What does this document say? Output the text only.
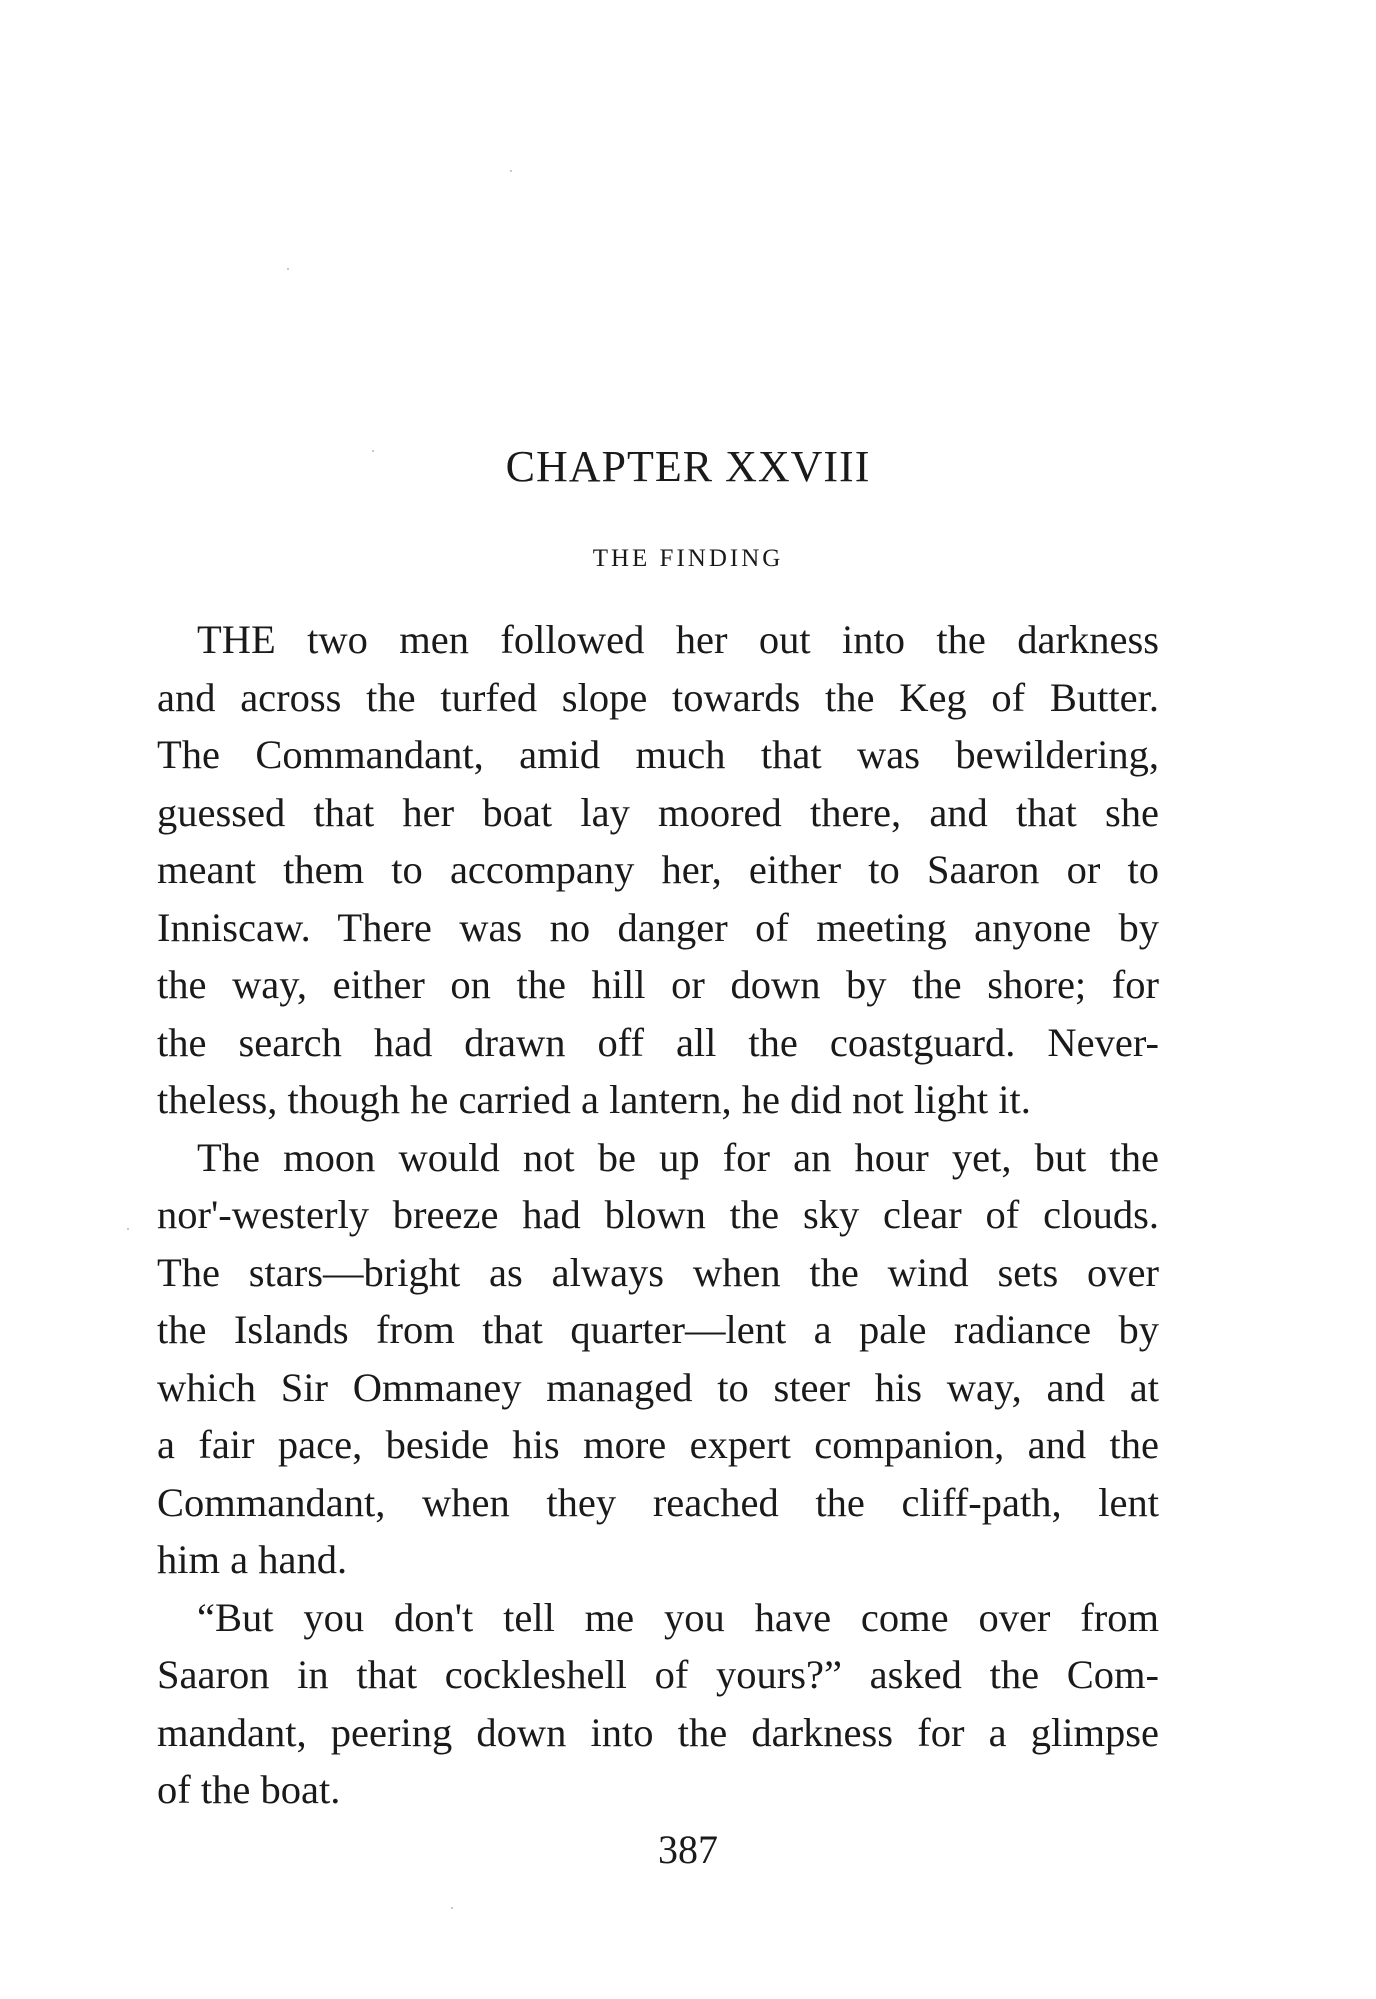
CHAPTER XXVIII
THE FINDING
THE two men followed her out into the darkness
and across the turfed slope towards the Keg of Butter.
The Commandant, amid much that was bewildering,
guessed that her boat lay moored there, and that she
meant them to accompany her, either to Saaron or to
Inniscaw. There was no danger of meeting anyone by
the way, either on the hill or down by the shore; for
the search had drawn off all the coastguard. Never-
theless, though he carried a lantern, he did not light it.
The moon would not be up for an hour yet, but the
nor'-westerly breeze had blown the sky clear of clouds.
The stars—bright as always when the wind sets over
the Islands from that quarter—lent a pale radiance by
which Sir Ommaney managed to steer his way, and at
a fair pace, beside his more expert companion, and the
Commandant, when they reached the cliff-path, lent
him a hand.
“But you don't tell me you have come over from
Saaron in that cockleshell of yours?” asked the Com-
mandant, peering down into the darkness for a glimpse
of the boat.

387
